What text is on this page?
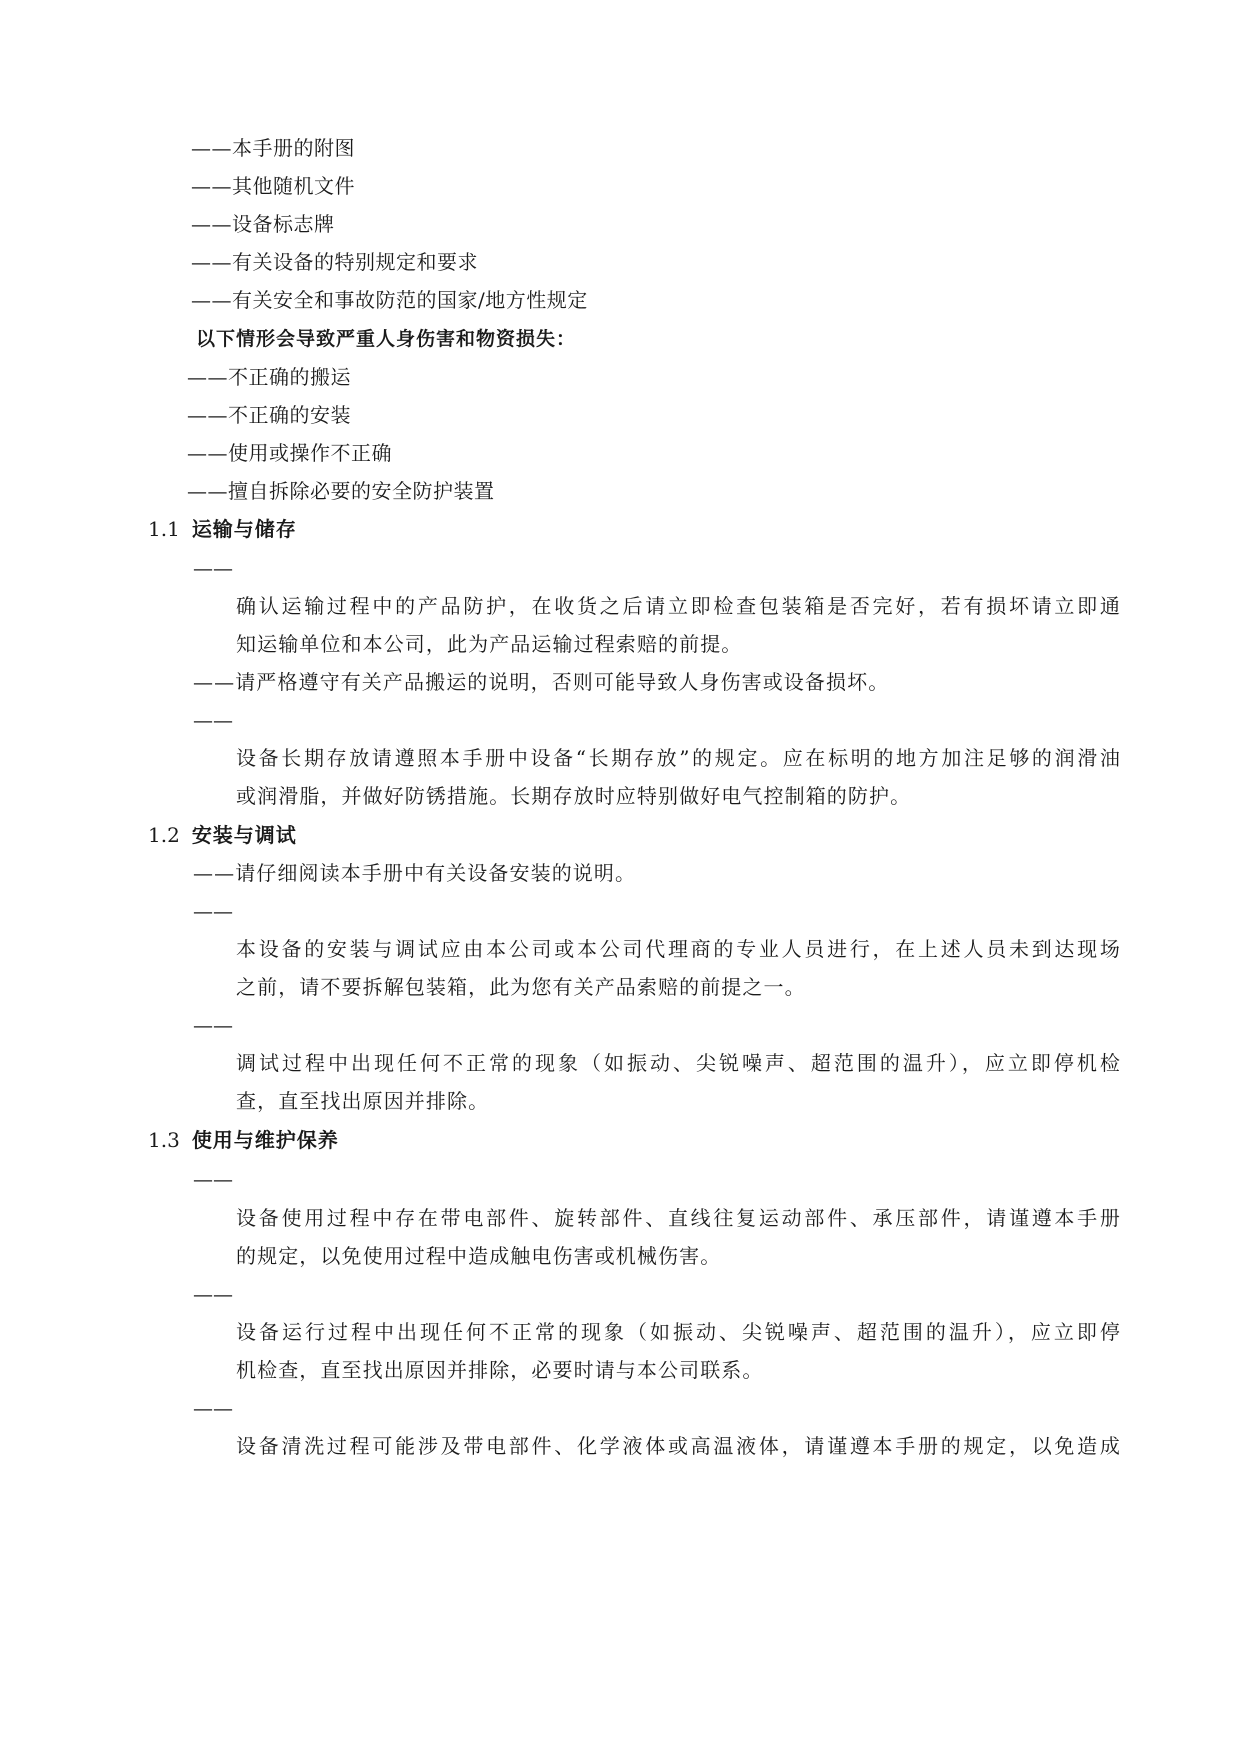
——本手册的附图
——其他随机文件
——设备标志牌
——有关设备的特别规定和要求
——有关安全和事故防范的国家/地方性规定
以下情形会导致严重人身伤害和物资损失：
——不正确的搬运
——不正确的安装
——使用或操作不正确
——擅自拆除必要的安全防护装置
1.1 运输与储存
——
确认运输过程中的产品防护，在收货之后请立即检查包装箱是否完好，若有损坏请立即通
知运输单位和本公司，此为产品运输过程索赔的前提。
——请严格遵守有关产品搬运的说明，否则可能导致人身伤害或设备损坏。
——
设备长期存放请遵照本手册中设备“长期存放”的规定。应在标明的地方加注足够的润滑油
或润滑脂，并做好防锈措施。长期存放时应特别做好电气控制箱的防护。
1.2 安装与调试
——请仔细阅读本手册中有关设备安装的说明。
——
本设备的安装与调试应由本公司或本公司代理商的专业人员进行，在上述人员未到达现场
之前，请不要拆解包装箱，此为您有关产品索赔的前提之一。
——
调试过程中出现任何不正常的现象（如振动、尖锐噪声、超范围的温升），应立即停机检
查，直至找出原因并排除。
1.3 使用与维护保养
——
设备使用过程中存在带电部件、旋转部件、直线往复运动部件、承压部件，请谨遵本手册
的规定，以免使用过程中造成触电伤害或机械伤害。
——
设备运行过程中出现任何不正常的现象（如振动、尖锐噪声、超范围的温升），应立即停
机检查，直至找出原因并排除，必要时请与本公司联系。
——
设备清洗过程可能涉及带电部件、化学液体或高温液体，请谨遵本手册的规定，以免造成
